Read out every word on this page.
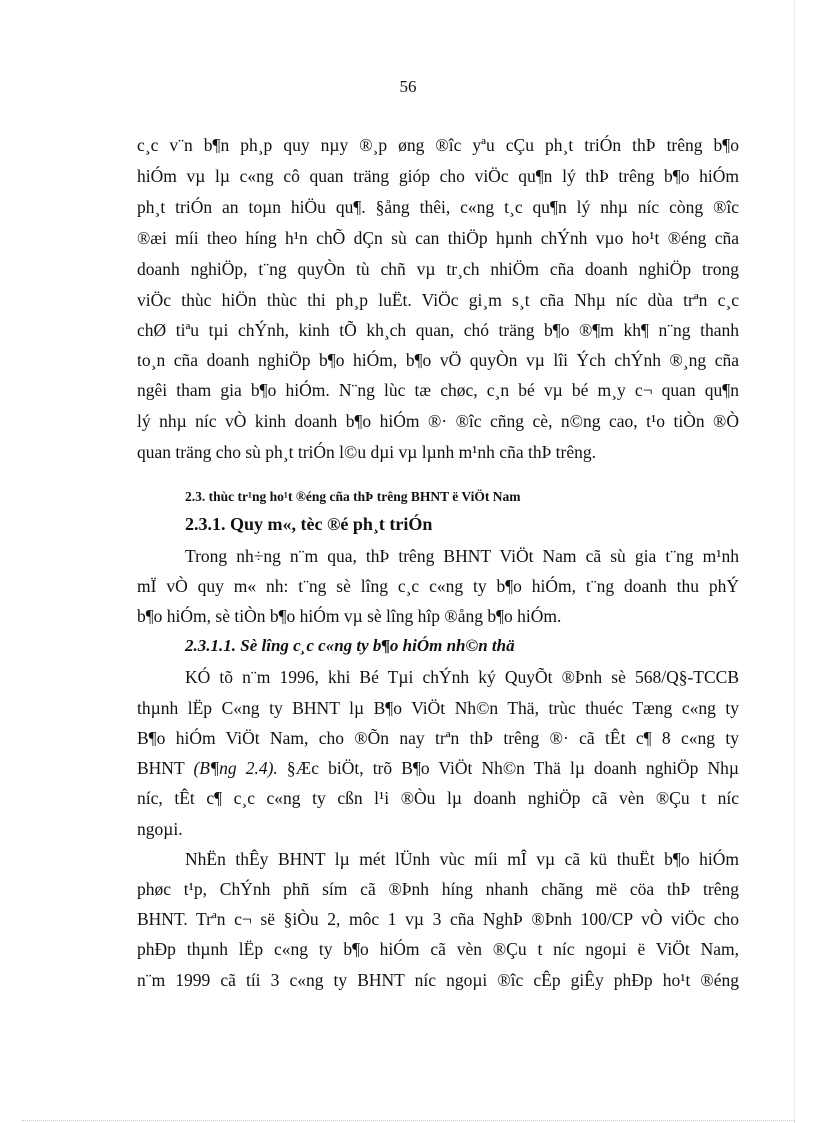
56
c¸c v¨n b¶n ph¸p quy nµy ®¸p øng ®îc yªu cÇu ph¸t triÓn thÞ trêng b¶o
hiÓm vµ lµ c«ng cô quan träng gióp cho viÖc qu¶n lý thÞ trêng b¶o hiÓm
ph¸t triÓn an toµn hiÖu qu¶. §ång thêi, c«ng t¸c qu¶n lý nhµ níc còng ®îc
®æi míi theo híng h¹n chÕ dÇn sù can thiÖp hµnh chÝnh vµo ho¹t ®éng cña
doanh nghiÖp, t¨ng quyÒn tù chñ vµ tr¸ch nhiÖm cña doanh nghiÖp trong
viÖc thùc hiÖn thùc thi ph¸p luËt. ViÖc gi¸m s¸t cña Nhµ níc dùa trªn c¸c
chØ tiªu tµi chÝnh, kinh tÕ kh¸ch quan, chó träng b¶o ®¶m kh¶ n¨ng thanh
to¸n cña doanh nghiÖp b¶o hiÓm, b¶o vÖ quyÒn vµ lîi Ých chÝnh ®¸ng cña
ngêi tham gia b¶o hiÓm. N¨ng lùc tæ chøc, c¸n bé vµ bé m¸y c¬ quan qu¶n
lý nhµ níc vÒ kinh doanh b¶o hiÓm ®· ®îc cñng cè, n©ng cao, t¹o tiÒn ®Ò
quan träng cho sù ph¸t triÓn l©u dµi vµ lµnh m¹nh cña thÞ trêng.
2.3. thùc tr¹ng ho¹t ®éng cña thÞ trêng BHNT ë ViÖt Nam
2.3.1. Quy m«, tèc ®é ph¸t triÓn
Trong nh÷ng n¨m qua, thÞ trêng BHNT ViÖt Nam cã sù gia t¨ng m¹nh
mÏ vÒ quy m« nh: t¨ng sè lîng c¸c c«ng ty b¶o hiÓm, t¨ng doanh thu phÝ
b¶o hiÓm, sè tiÒn b¶o hiÓm vµ sè lîng hîp ®ång b¶o hiÓm.
2.3.1.1. Sè lîng c¸c c«ng ty b¶o hiÓm nh©n thä
KÓ tõ n¨m 1996, khi Bé Tµi chÝnh ký QuyÕt ®Þnh sè 568/Q§-TCCB
thµnh lËp C«ng ty BHNT lµ B¶o ViÖt Nh©n Thä, trùc thuéc Tæng c«ng ty
B¶o hiÓm ViÖt Nam, cho ®Õn nay trªn thÞ trêng ®· cã tÊt c¶ 8 c«ng ty
BHNT (B¶ng 2.4). §Æc biÖt, trõ B¶o ViÖt Nh©n Thä lµ doanh nghiÖp Nhµ
níc, tÊt c¶ c¸c c«ng ty cßn l¹i ®Òu lµ doanh nghiÖp cã vèn ®Çu t níc
ngoµi.
NhËn thÊy BHNT lµ mét lÜnh vùc míi mÎ vµ cã kü thuËt b¶o hiÓm
phøc t¹p, ChÝnh phñ sím cã ®Þnh híng nhanh chãng më cöa thÞ trêng
BHNT. Trªn c¬ së §iÒu 2, môc 1 vµ 3 cña NghÞ ®Þnh 100/CP vÒ viÖc cho
phÐp thµnh lËp c«ng ty b¶o hiÓm cã vèn ®Çu t níc ngoµi ë ViÖt Nam,
n¨m 1999 cã tíi 3 c«ng ty BHNT níc ngoµi ®îc cÊp giÊy phÐp ho¹t ®éng
